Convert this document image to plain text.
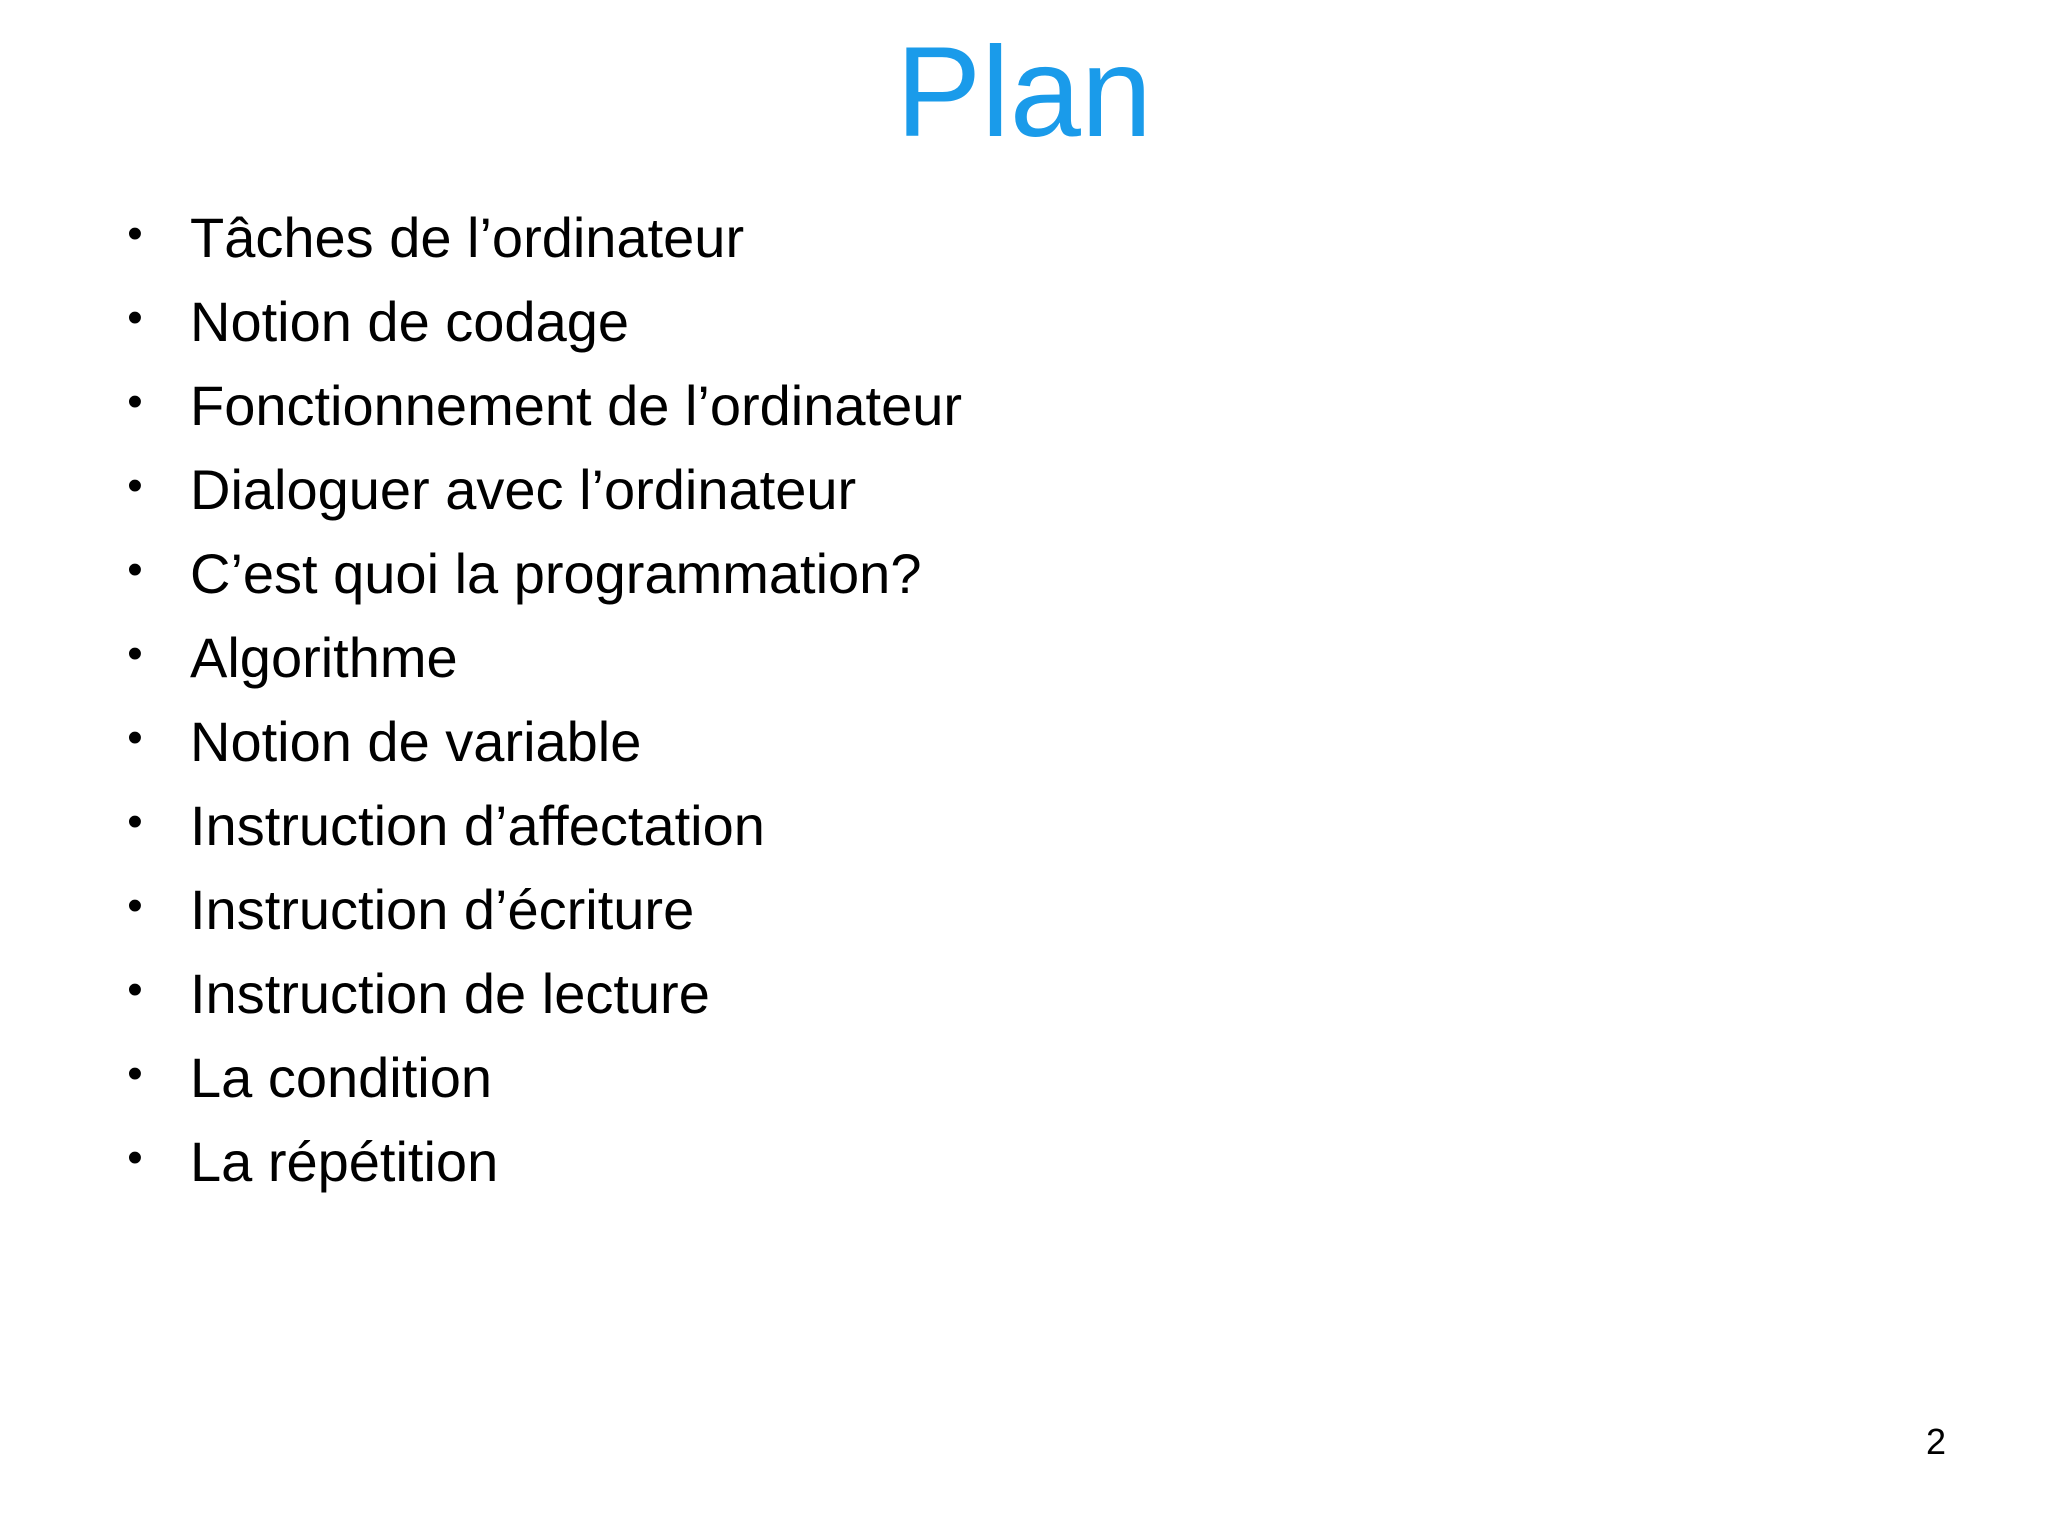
Plan
• Tâches de l’ordinateur
• Notion de codage
• Fonctionnement de l’ordinateur
• Dialoguer avec l’ordinateur
• C’est quoi la programmation?
• Algorithme
• Notion de variable
• Instruction d’affectation
• Instruction d’écriture
• Instruction de lecture
• La condition
• La répétition
2
